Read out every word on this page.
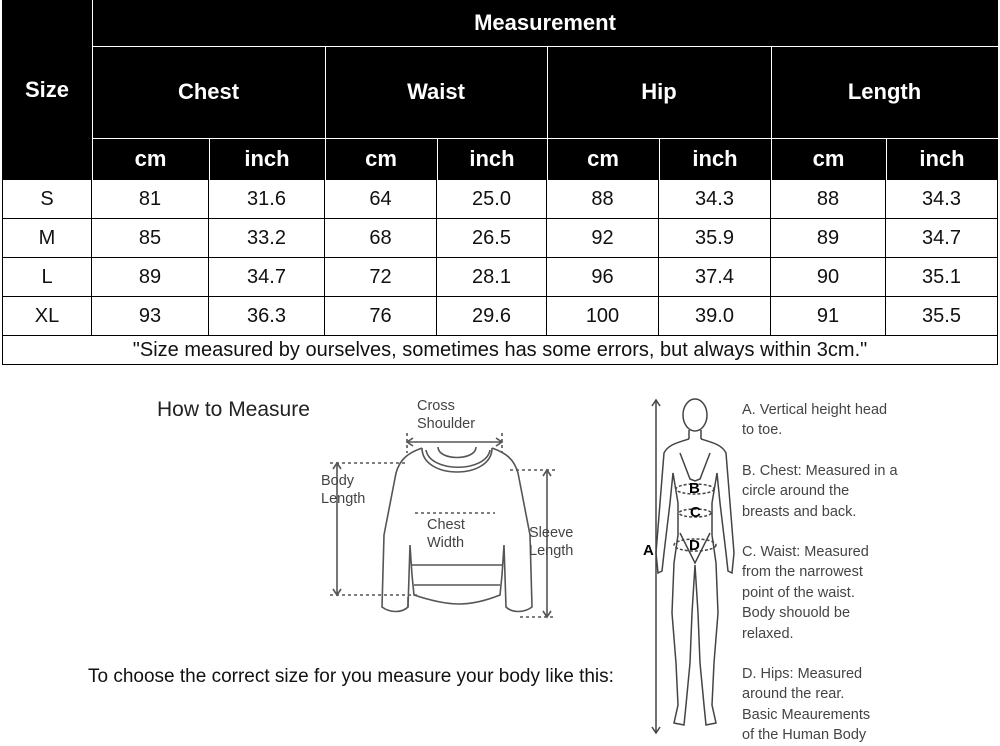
Size
Measurement
Chest	Waist	Hip	Length
cm	inch	cm	inch	cm	inch	cm	inch
S	81	31.6	64	25.0	88	34.3	88	34.3
M	85	33.2	68	26.5	92	35.9	89	34.7
L	89	34.7	72	28.1	96	37.4	90	35.1
XL	93	36.3	76	29.6	100	39.0	91	35.5
"Size measured by ourselves, sometimes has some errors, but always within 3cm."
How to Measure
To choose the correct size for you measure your body like this:
Cross
Shoulder
Body
Length
Chest
Width
Sleeve
Length	A
B
C
D
A. Vertical height head
to toe.
B. Chest: Measured in a
circle around the
breasts and back.
C. Waist: Measured
from the narrowest
point of the waist.
Body shouold be
relaxed.
D. Hips: Measured
around the rear.
Basic Meaurements
of the Human Body
